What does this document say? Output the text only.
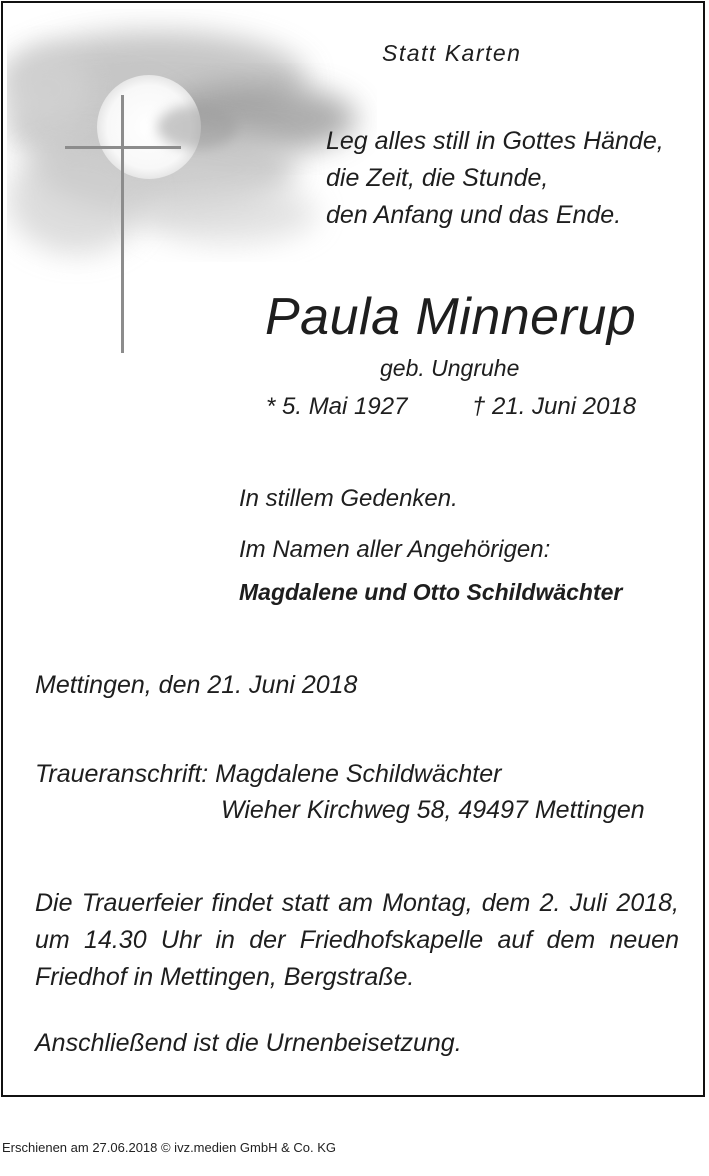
Statt Karten
Leg alles still in Gottes Hände,
die Zeit, die Stunde,
den Anfang und das Ende.
Paula Minnerup
geb. Ungruhe
* 5. Mai 1927	† 21. Juni 2018
In stillem Gedenken.
Im Namen aller Angehörigen:
Magdalene und Otto Schildwächter
Mettingen, den 21. Juni 2018
Traueranschrift: Magdalene Schildwächter
Wieher Kirchweg 58, 49497 Mettingen
Die Trauerfeier findet statt am Montag, dem 2. Juli 2018,
um 14.30 Uhr in der Friedhofskapelle auf dem neuen
Friedhof in Mettingen, Bergstraße.
Anschließend ist die Urnenbeisetzung.
Erschienen am 27.06.2018 © ivz.medien GmbH & Co. KG
